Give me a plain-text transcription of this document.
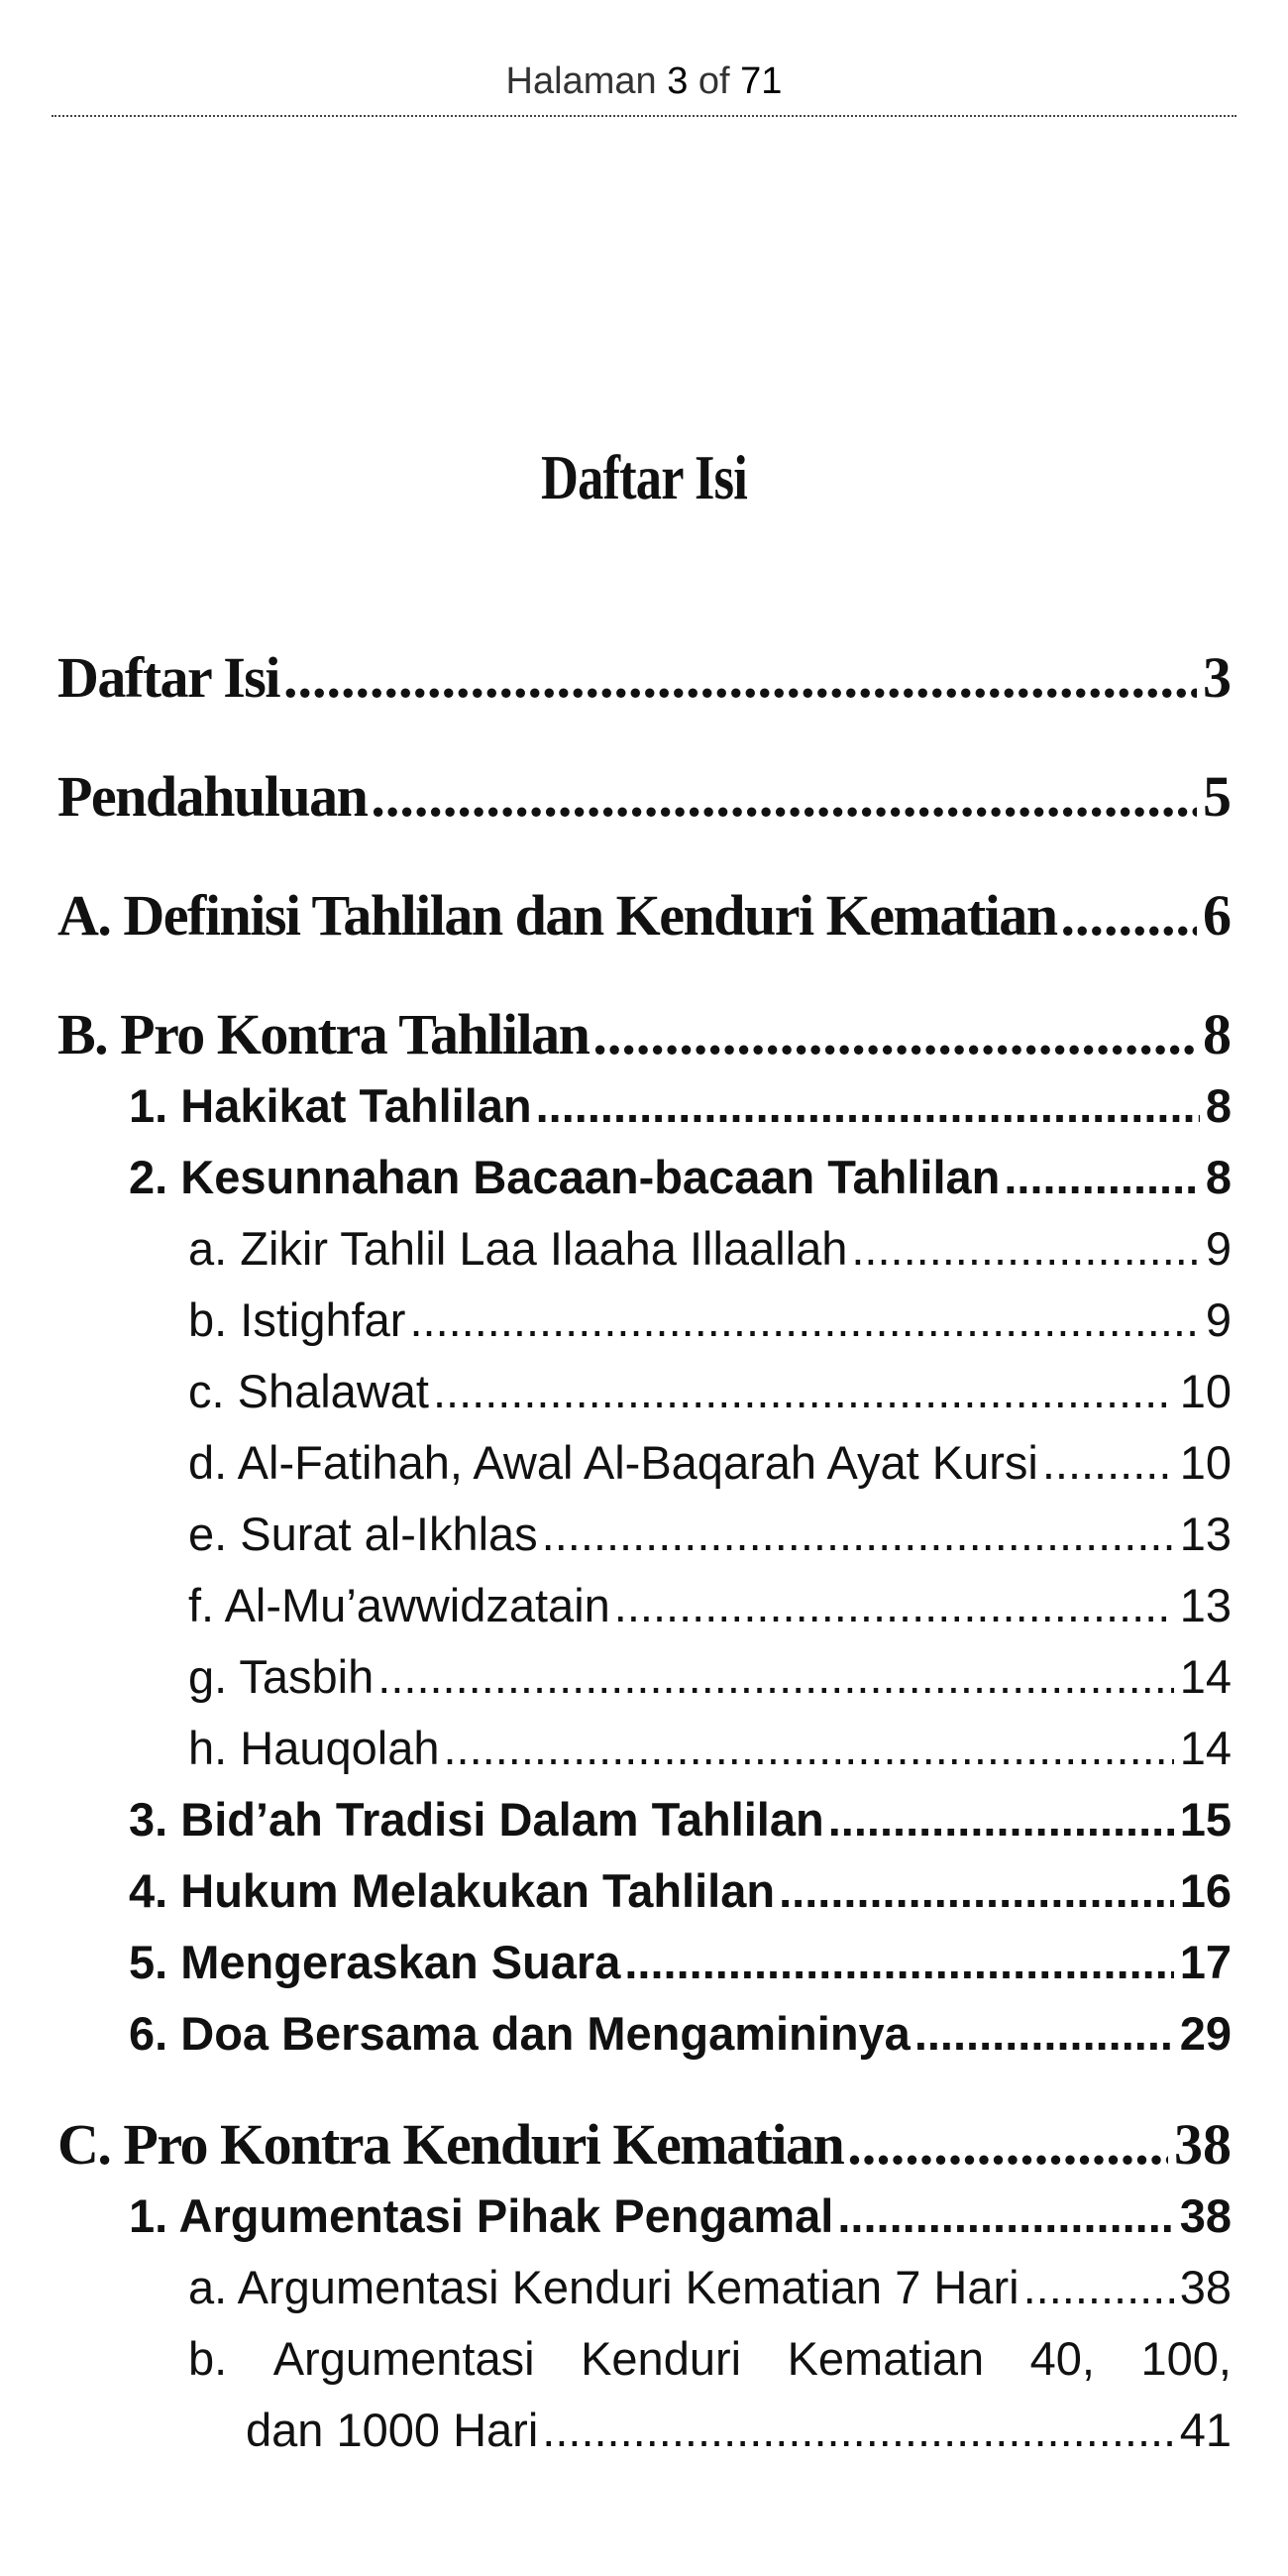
Halaman 3 of 71
Daftar Isi
Daftar Isi .....	3
Pendahuluan .....	5
A. Definisi Tahlilan dan Kenduri Kematian .....	6
B. Pro Kontra Tahlilan .....	8
1. Hakikat Tahlilan .....	8
2. Kesunnahan Bacaan-bacaan Tahlilan .....	8
a. Zikir Tahlil Laa Ilaaha Illaallah .....	9
b. Istighfar .....	9
c. Shalawat .....	10
d. Al-Fatihah, Awal Al-Baqarah Ayat Kursi .....	10
e. Surat al-Ikhlas .....	13
f. Al-Mu’awwidzatain .....	13
g. Tasbih .....	14
h. Hauqolah .....	14
3. Bid’ah Tradisi Dalam Tahlilan .....	15
4. Hukum Melakukan Tahlilan .....	16
5. Mengeraskan Suara .....	17
6. Doa Bersama dan Mengamininya .....	29
C. Pro Kontra Kenduri Kematian .....	38
1. Argumentasi Pihak Pengamal .....	38
a. Argumentasi Kenduri Kematian 7 Hari .....	38
b. Argumentasi Kenduri Kematian 40, 100,
dan 1000 Hari .....	41
